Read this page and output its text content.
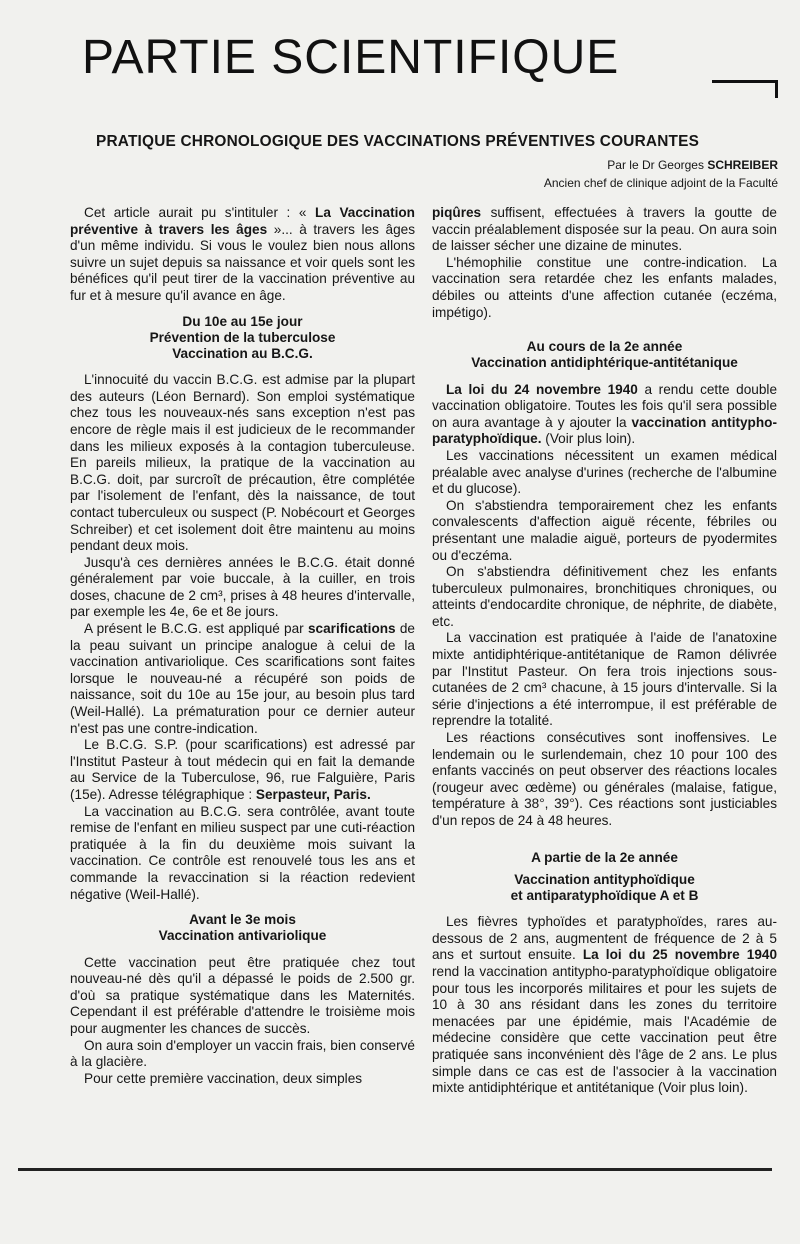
PARTIE SCIENTIFIQUE
PRATIQUE CHRONOLOGIQUE DES VACCINATIONS PRÉVENTIVES COURANTES
Par le Dr Georges SCHREIBER
Ancien chef de clinique adjoint de la Faculté

Cet article aurait pu s'intituler : « La Vaccination préventive à travers les âges »... à travers les âges d'un même individu. Si vous le voulez bien nous allons suivre un sujet depuis sa naissance et voir quels sont les bénéfices qu'il peut tirer de la vaccination préventive au fur et à mesure qu'il avance en âge.

Du 10e au 15e jour
Prévention de la tuberculose
Vaccination au B.C.G.

L'innocuité du vaccin B.C.G. est admise par la plupart des auteurs (Léon Bernard). Son emploi systématique chez tous les nouveaux-nés sans exception n'est pas encore de règle mais il est judicieux de le recommander dans les milieux exposés à la contagion tuberculeuse. En pareils milieux, la pratique de la vaccination au B.C.G. doit, par surcroît de précaution, être complétée par l'isolement de l'enfant, dès la naissance, de tout contact tuberculeux ou suspect (P. Nobécourt et Georges Schreiber) et cet isolement doit être maintenu au moins pendant deux mois.

Jusqu'à ces dernières années le B.C.G. était donné généralement par voie buccale, à la cuiller, en trois doses, chacune de 2 cm³, prises à 48 heures d'intervalle, par exemple les 4e, 6e et 8e jours.

A présent le B.C.G. est appliqué par scarifications de la peau suivant un principe analogue à celui de la vaccination antivariolique. Ces scarifications sont faites lorsque le nouveau-né a récupéré son poids de naissance, soit du 10e au 15e jour, au besoin plus tard (Weil-Hallé). La prématuration pour ce dernier auteur n'est pas une contre-indication.

Le B.C.G. S.P. (pour scarifications) est adressé par l'Institut Pasteur à tout médecin qui en fait la demande au Service de la Tuberculose, 96, rue Falguière, Paris (15e). Adresse télégraphique : Serpasteur, Paris.

La vaccination au B.C.G. sera contrôlée, avant toute remise de l'enfant en milieu suspect par une cuti-réaction pratiquée à la fin du deuxième mois suivant la vaccination. Ce contrôle est renouvelé tous les ans et commande la revaccination si la réaction redevient négative (Weil-Hallé).

Avant le 3e mois
Vaccination antivariolique

Cette vaccination peut être pratiquée chez tout nouveau-né dès qu'il a dépassé le poids de 2.500 gr. d'où sa pratique systématique dans les Maternités. Cependant il est préférable d'attendre le troisième mois pour augmenter les chances de succès.

On aura soin d'employer un vaccin frais, bien conservé à la glacière.

Pour cette première vaccination, deux simples

piqûres suffisent, effectuées à travers la goutte de vaccin préalablement disposée sur la peau. On aura soin de laisser sécher une dizaine de minutes.

L'hémophilie constitue une contre-indication. La vaccination sera retardée chez les enfants malades, débiles ou atteints d'une affection cutanée (eczéma, impétigo).

Au cours de la 2e année
Vaccination antidiphtérique-antitétanique

La loi du 24 novembre 1940 a rendu cette double vaccination obligatoire. Toutes les fois qu'il sera possible on aura avantage à y ajouter la vaccination antitypho-paratyphoïdique. (Voir plus loin).

Les vaccinations nécessitent un examen médical préalable avec analyse d'urines (recherche de l'albumine et du glucose).

On s'abstiendra temporairement chez les enfants convalescents d'affection aiguë récente, fébriles ou présentant une maladie aiguë, porteurs de pyodermites ou d'eczéma.

On s'abstiendra définitivement chez les enfants tuberculeux pulmonaires, bronchitiques chroniques, ou atteints d'endocardite chronique, de néphrite, de diabète, etc.

La vaccination est pratiquée à l'aide de l'anatoxine mixte antidiphtérique-antitétanique de Ramon délivrée par l'Institut Pasteur. On fera trois injections sous-cutanées de 2 cm³ chacune, à 15 jours d'intervalle. Si la série d'injections a été interrompue, il est préférable de reprendre la totalité.

Les réactions consécutives sont inoffensives. Le lendemain ou le surlendemain, chez 10 pour 100 des enfants vaccinés on peut observer des réactions locales (rougeur avec œdème) ou générales (malaise, fatigue, température à 38°, 39°). Ces réactions sont justiciables d'un repos de 24 à 48 heures.

A partie de la 2e année
Vaccination antityphoïdique
et antiparatyphoïdique A et B

Les fièvres typhoïdes et paratyphoïdes, rares au-dessous de 2 ans, augmentent de fréquence de 2 à 5 ans et surtout ensuite. La loi du 25 novembre 1940 rend la vaccination antitypho-paratyphoïdique obligatoire pour tous les incorporés militaires et pour les sujets de 10 à 30 ans résidant dans les zones du territoire menacées par une épidémie, mais l'Académie de médecine considère que cette vaccination peut être pratiquée sans inconvénient dès l'âge de 2 ans. Le plus simple dans ce cas est de l'associer à la vaccination mixte antidiphtérique et antitétanique (Voir plus loin).
